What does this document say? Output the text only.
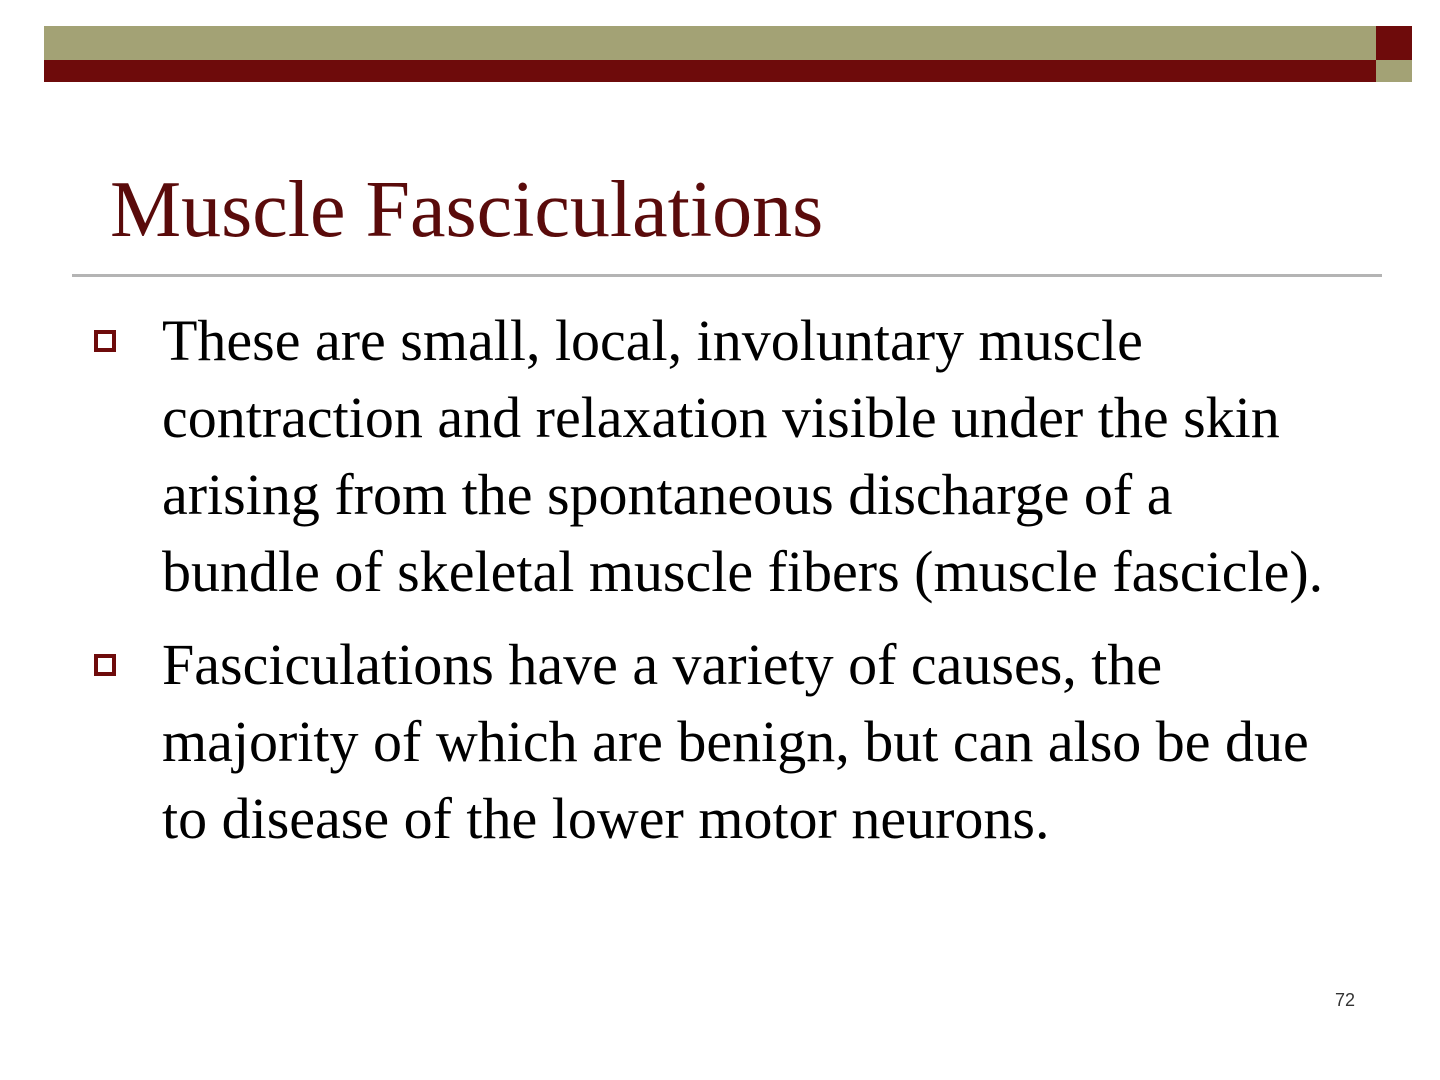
Muscle Fasciculations
These are small, local, involuntary muscle contraction and relaxation visible under the skin arising from the spontaneous discharge of a bundle of skeletal muscle fibers (muscle fascicle).
Fasciculations have a variety of causes, the majority of which are benign, but can also be due to disease of the lower motor neurons.
72
